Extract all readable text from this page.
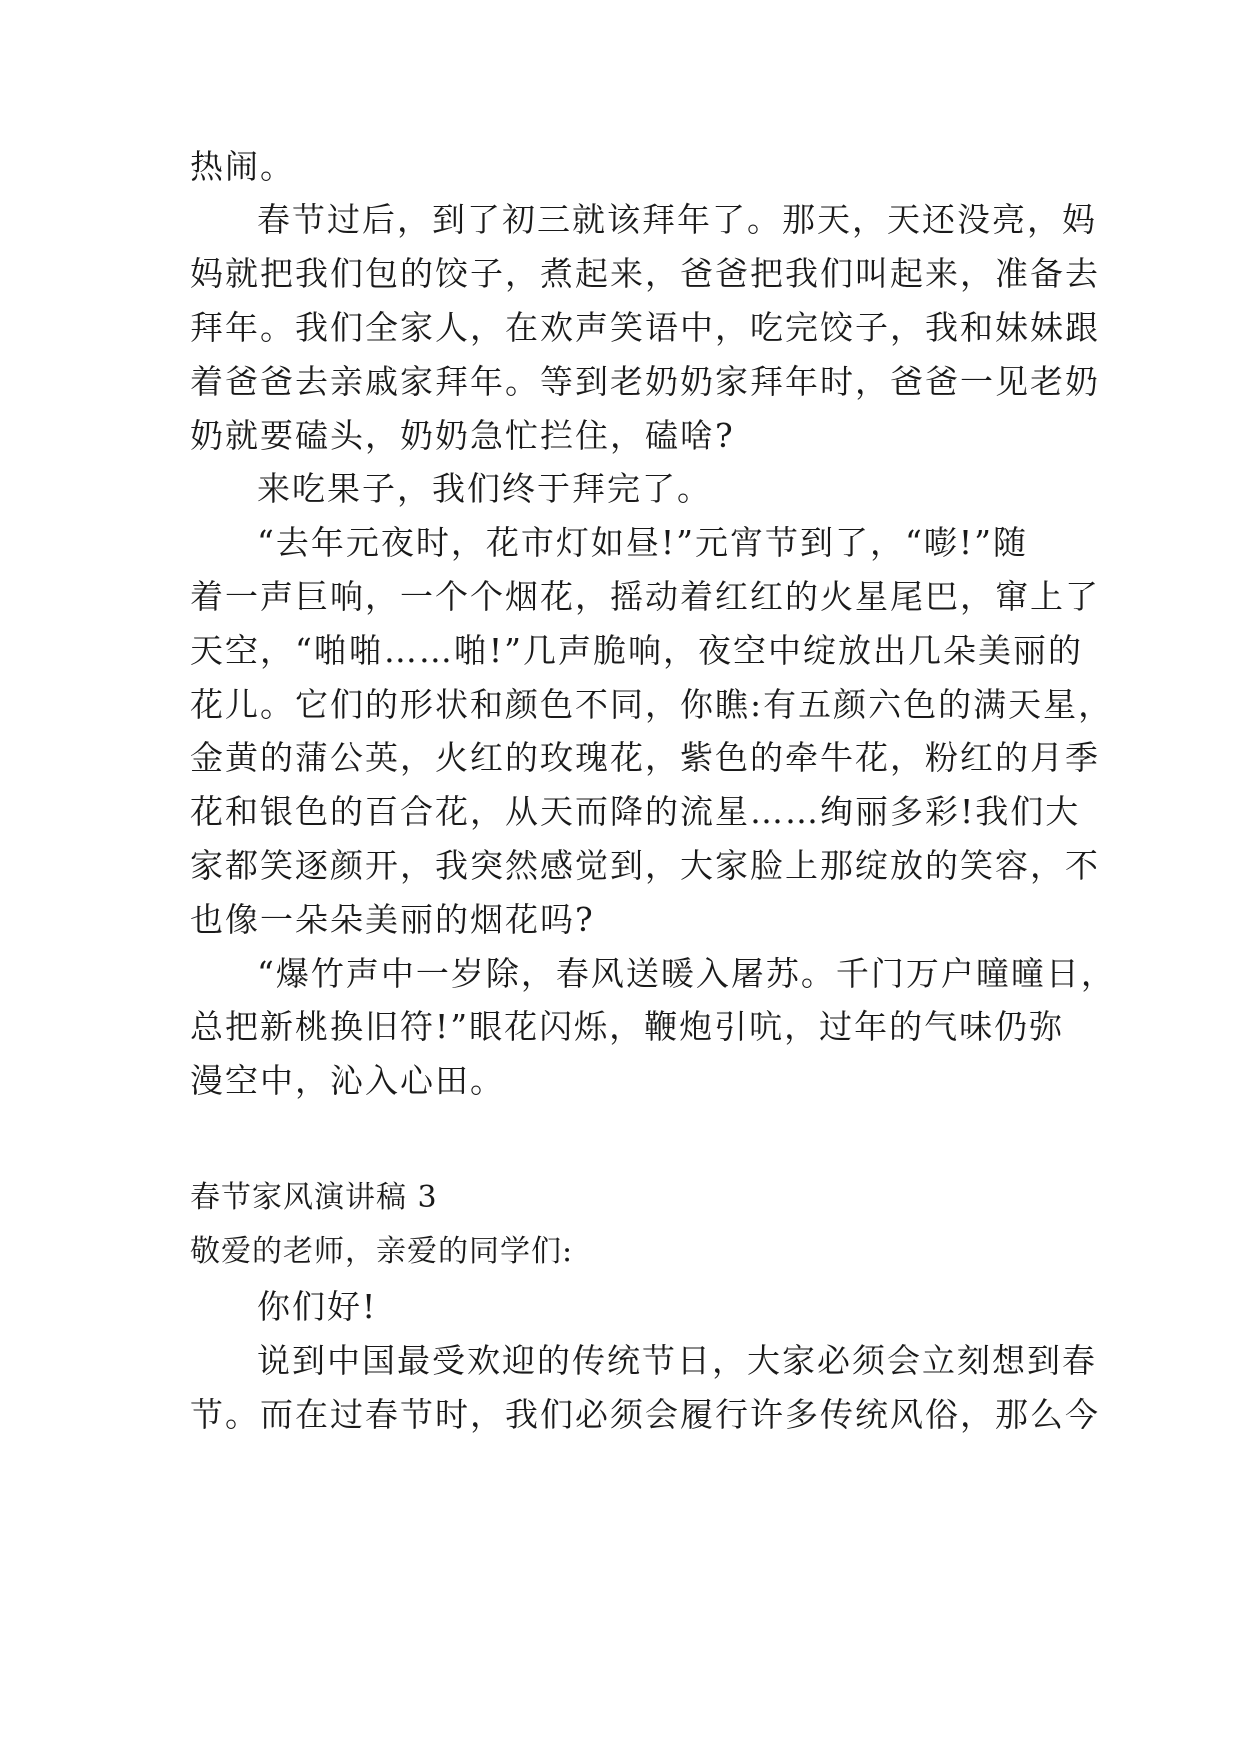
热闹。
春节过后，到了初三就该拜年了。那天，天还没亮，妈
妈就把我们包的饺子，煮起来，爸爸把我们叫起来，准备去
拜年。我们全家人，在欢声笑语中，吃完饺子，我和妹妹跟
着爸爸去亲戚家拜年。等到老奶奶家拜年时，爸爸一见老奶
奶就要磕头，奶奶急忙拦住，磕啥?
来吃果子，我们终于拜完了。
“去年元夜时，花市灯如昼!”元宵节到了，“嘭!”随
着一声巨响，一个个烟花，摇动着红红的火星尾巴，窜上了
天空，“啪啪……啪!”几声脆响，夜空中绽放出几朵美丽的
花儿。它们的形状和颜色不同，你瞧:有五颜六色的满天星，
金黄的蒲公英，火红的玫瑰花，紫色的牵牛花，粉红的月季
花和银色的百合花，从天而降的流星……绚丽多彩!我们大
家都笑逐颜开，我突然感觉到，大家脸上那绽放的笑容，不
也像一朵朵美丽的烟花吗?
“爆竹声中一岁除，春风送暖入屠苏。千门万户曈曈日，
总把新桃换旧符!”眼花闪烁，鞭炮引吭，过年的气味仍弥
漫空中，沁入心田。
春节家风演讲稿 3
敬爱的老师，亲爱的同学们:
你们好!
说到中国最受欢迎的传统节日，大家必须会立刻想到春
节。而在过春节时，我们必须会履行许多传统风俗，那么今
